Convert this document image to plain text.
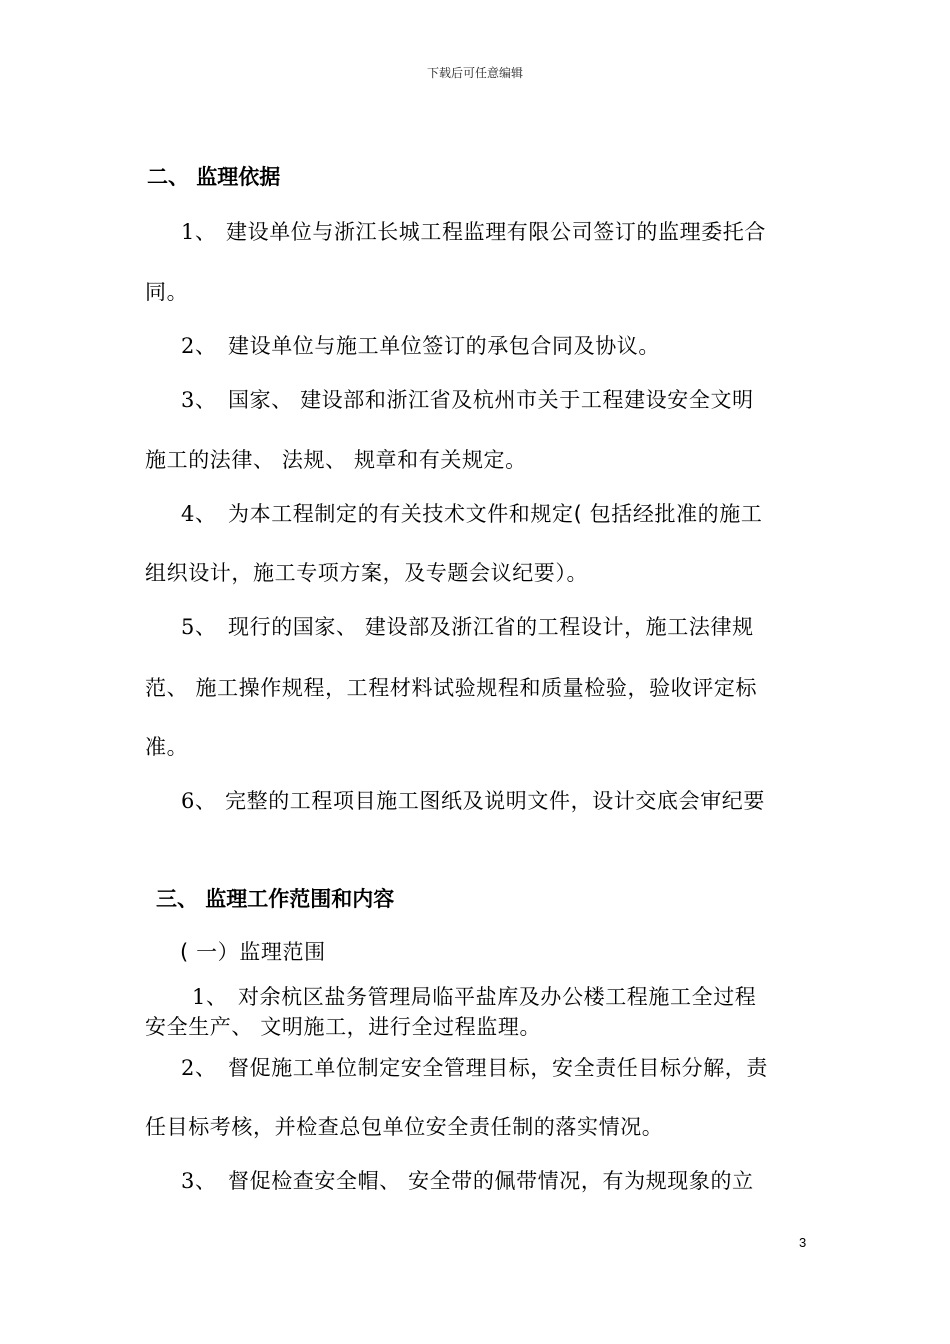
下载后可任意编辑
二、 监理依据
1、 建设单位与浙江长城工程监理有限公司签订的监理委托合
同。
2、 建设单位与施工单位签订的承包合同及协议。
3、 国家、 建设部和浙江省及杭州市关于工程建设安全文明
施工的法律、 法规、 规章和有关规定。
4、 为本工程制定的有关技术文件和规定( 包括经批准的施工
组织设计，施工专项方案，及专题会议纪要）。
5、 现行的国家、 建设部及浙江省的工程设计，施工法律规
范、 施工操作规程，工程材料试验规程和质量检验，验收评定标
准。
6、 完整的工程项目施工图纸及说明文件，设计交底会审纪要
三、 监理工作范围和内容
( 一）监理范围
1、 对余杭区盐务管理局临平盐库及办公楼工程施工全过程
安全生产、 文明施工，进行全过程监理。
2、 督促施工单位制定安全管理目标，安全责任目标分解，责
任目标考核，并检查总包单位安全责任制的落实情况。
3、 督促检查安全帽、 安全带的佩带情况，有为规现象的立
3
